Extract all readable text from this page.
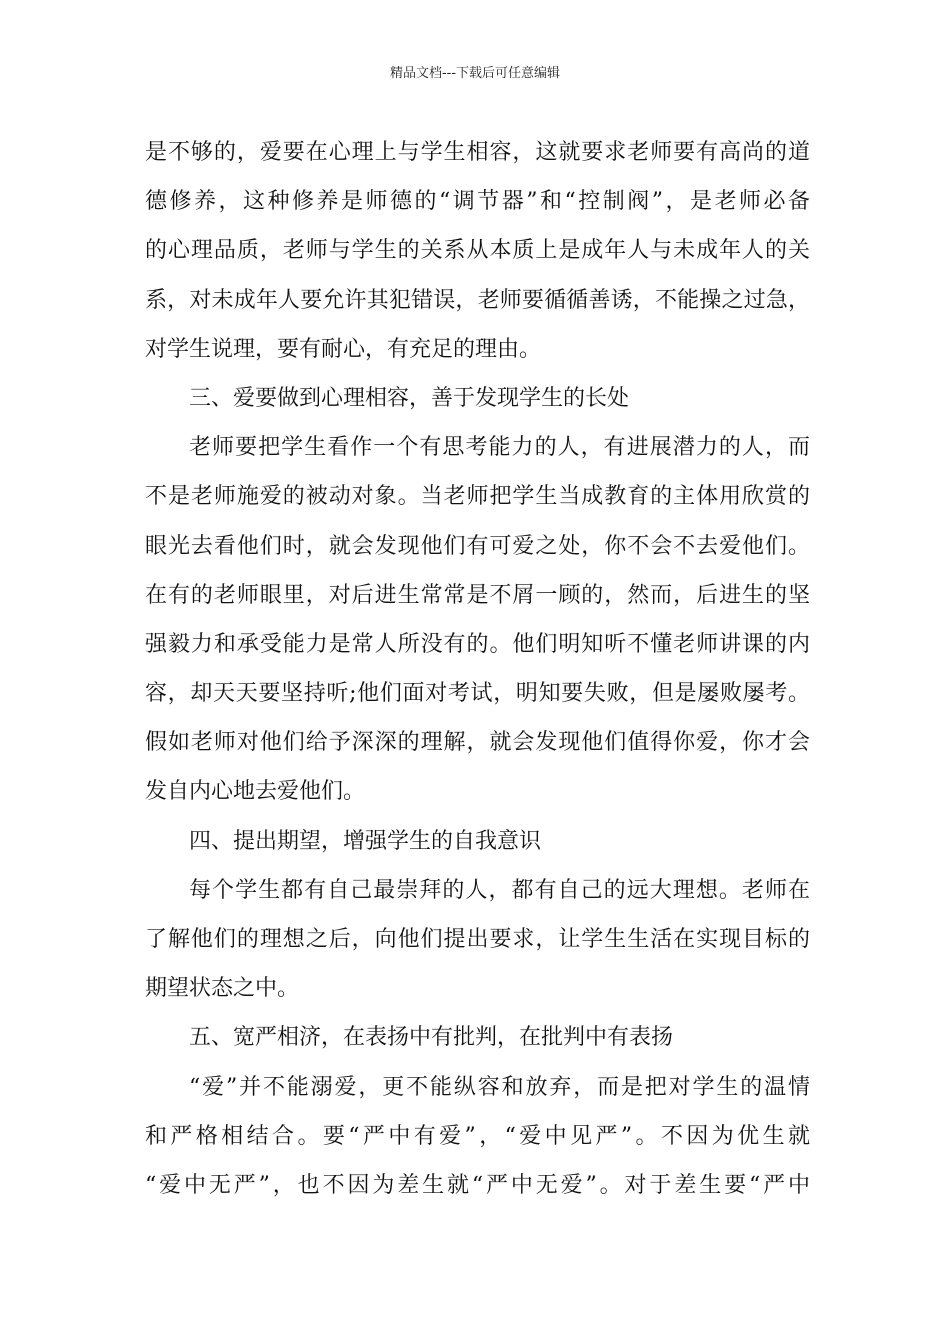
精品文档---下载后可任意编辑
是不够的，爱要在心理上与学生相容，这就要求老师要有高尚的道
德修养，这种修养是师德的“调节器”和“控制阀”，是老师必备
的心理品质，老师与学生的关系从本质上是成年人与未成年人的关
系，对未成年人要允许其犯错误，老师要循循善诱，不能操之过急，
对学生说理，要有耐心，有充足的理由。
三、爱要做到心理相容，善于发现学生的长处
老师要把学生看作一个有思考能力的人，有进展潜力的人，而
不是老师施爱的被动对象。当老师把学生当成教育的主体用欣赏的
眼光去看他们时，就会发现他们有可爱之处，你不会不去爱他们。
在有的老师眼里，对后进生常常是不屑一顾的，然而，后进生的坚
强毅力和承受能力是常人所没有的。他们明知听不懂老师讲课的内
容，却天天要坚持听;他们面对考试，明知要失败，但是屡败屡考。
假如老师对他们给予深深的理解，就会发现他们值得你爱，你才会
发自内心地去爱他们。
四、提出期望，增强学生的自我意识
每个学生都有自己最崇拜的人，都有自己的远大理想。老师在
了解他们的理想之后，向他们提出要求，让学生生活在实现目标的
期望状态之中。
五、宽严相济，在表扬中有批判，在批判中有表扬
“爱”并不能溺爱，更不能纵容和放弃，而是把对学生的温情
和严格相结合。要“严中有爱”，“爱中见严”。不因为优生就
“爱中无严”，也不因为差生就“严中无爱”。对于差生要“严中
